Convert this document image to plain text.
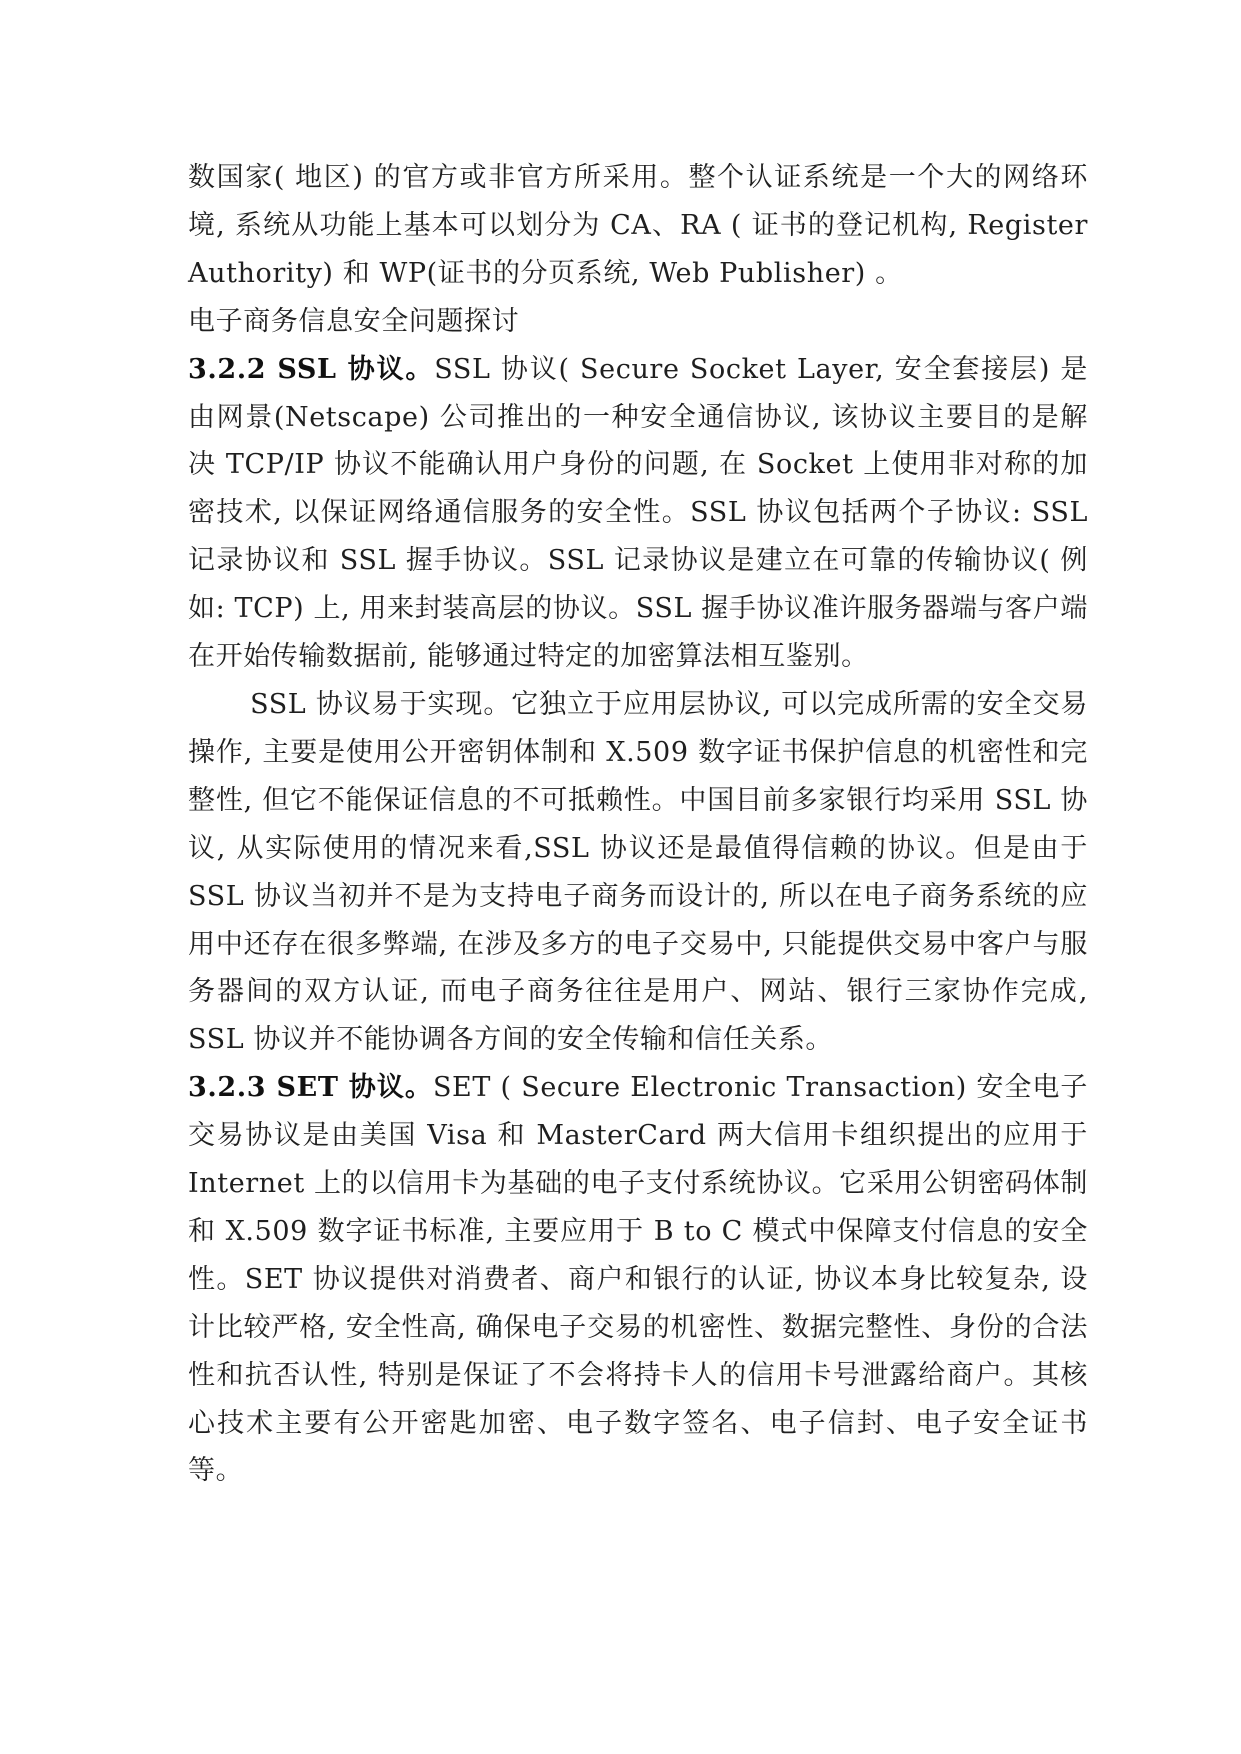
数国家( 地区) 的官方或非官方所采用。整个认证系统是一个大的网络环境, 系统从功能上基本可以划分为 CA、RA ( 证书的登记机构, Register Authority) 和 WP(证书的分页系统, Web Publisher) 。

电子商务信息安全问题探讨

3.2.2 SSL 协议。SSL 协议( Secure Socket Layer, 安全套接层) 是由网景(Netscape) 公司推出的一种安全通信协议, 该协议主要目的是解决 TCP/IP 协议不能确认用户身份的问题, 在 Socket 上使用非对称的加密技术, 以保证网络通信服务的安全性。SSL 协议包括两个子协议: SSL 记录协议和 SSL 握手协议。SSL 记录协议是建立在可靠的传输协议( 例如: TCP) 上, 用来封装高层的协议。SSL 握手协议准许服务器端与客户端在开始传输数据前, 能够通过特定的加密算法相互鉴别。

SSL 协议易于实现。它独立于应用层协议, 可以完成所需的安全交易操作, 主要是使用公开密钥体制和 X.509 数字证书保护信息的机密性和完整性, 但它不能保证信息的不可抵赖性。中国目前多家银行均采用 SSL 协议, 从实际使用的情况来看,SSL 协议还是最值得信赖的协议。但是由于 SSL 协议当初并不是为支持电子商务而设计的, 所以在电子商务系统的应用中还存在很多弊端, 在涉及多方的电子交易中, 只能提供交易中客户与服务器间的双方认证, 而电子商务往往是用户、网站、银行三家协作完成, SSL 协议并不能协调各方间的安全传输和信任关系。

3.2.3 SET 协议。SET ( Secure Electronic Transaction) 安全电子交易协议是由美国 Visa 和 MasterCard 两大信用卡组织提出的应用于 Internet 上的以信用卡为基础的电子支付系统协议。它采用公钥密码体制和 X.509 数字证书标准, 主要应用于 B to C 模式中保障支付信息的安全性。SET 协议提供对消费者、商户和银行的认证, 协议本身比较复杂, 设计比较严格, 安全性高, 确保电子交易的机密性、数据完整性、身份的合法性和抗否认性, 特别是保证了不会将持卡人的信用卡号泄露给商户。其核心技术主要有公开密匙加密、电子数字签名、电子信封、电子安全证书等。
